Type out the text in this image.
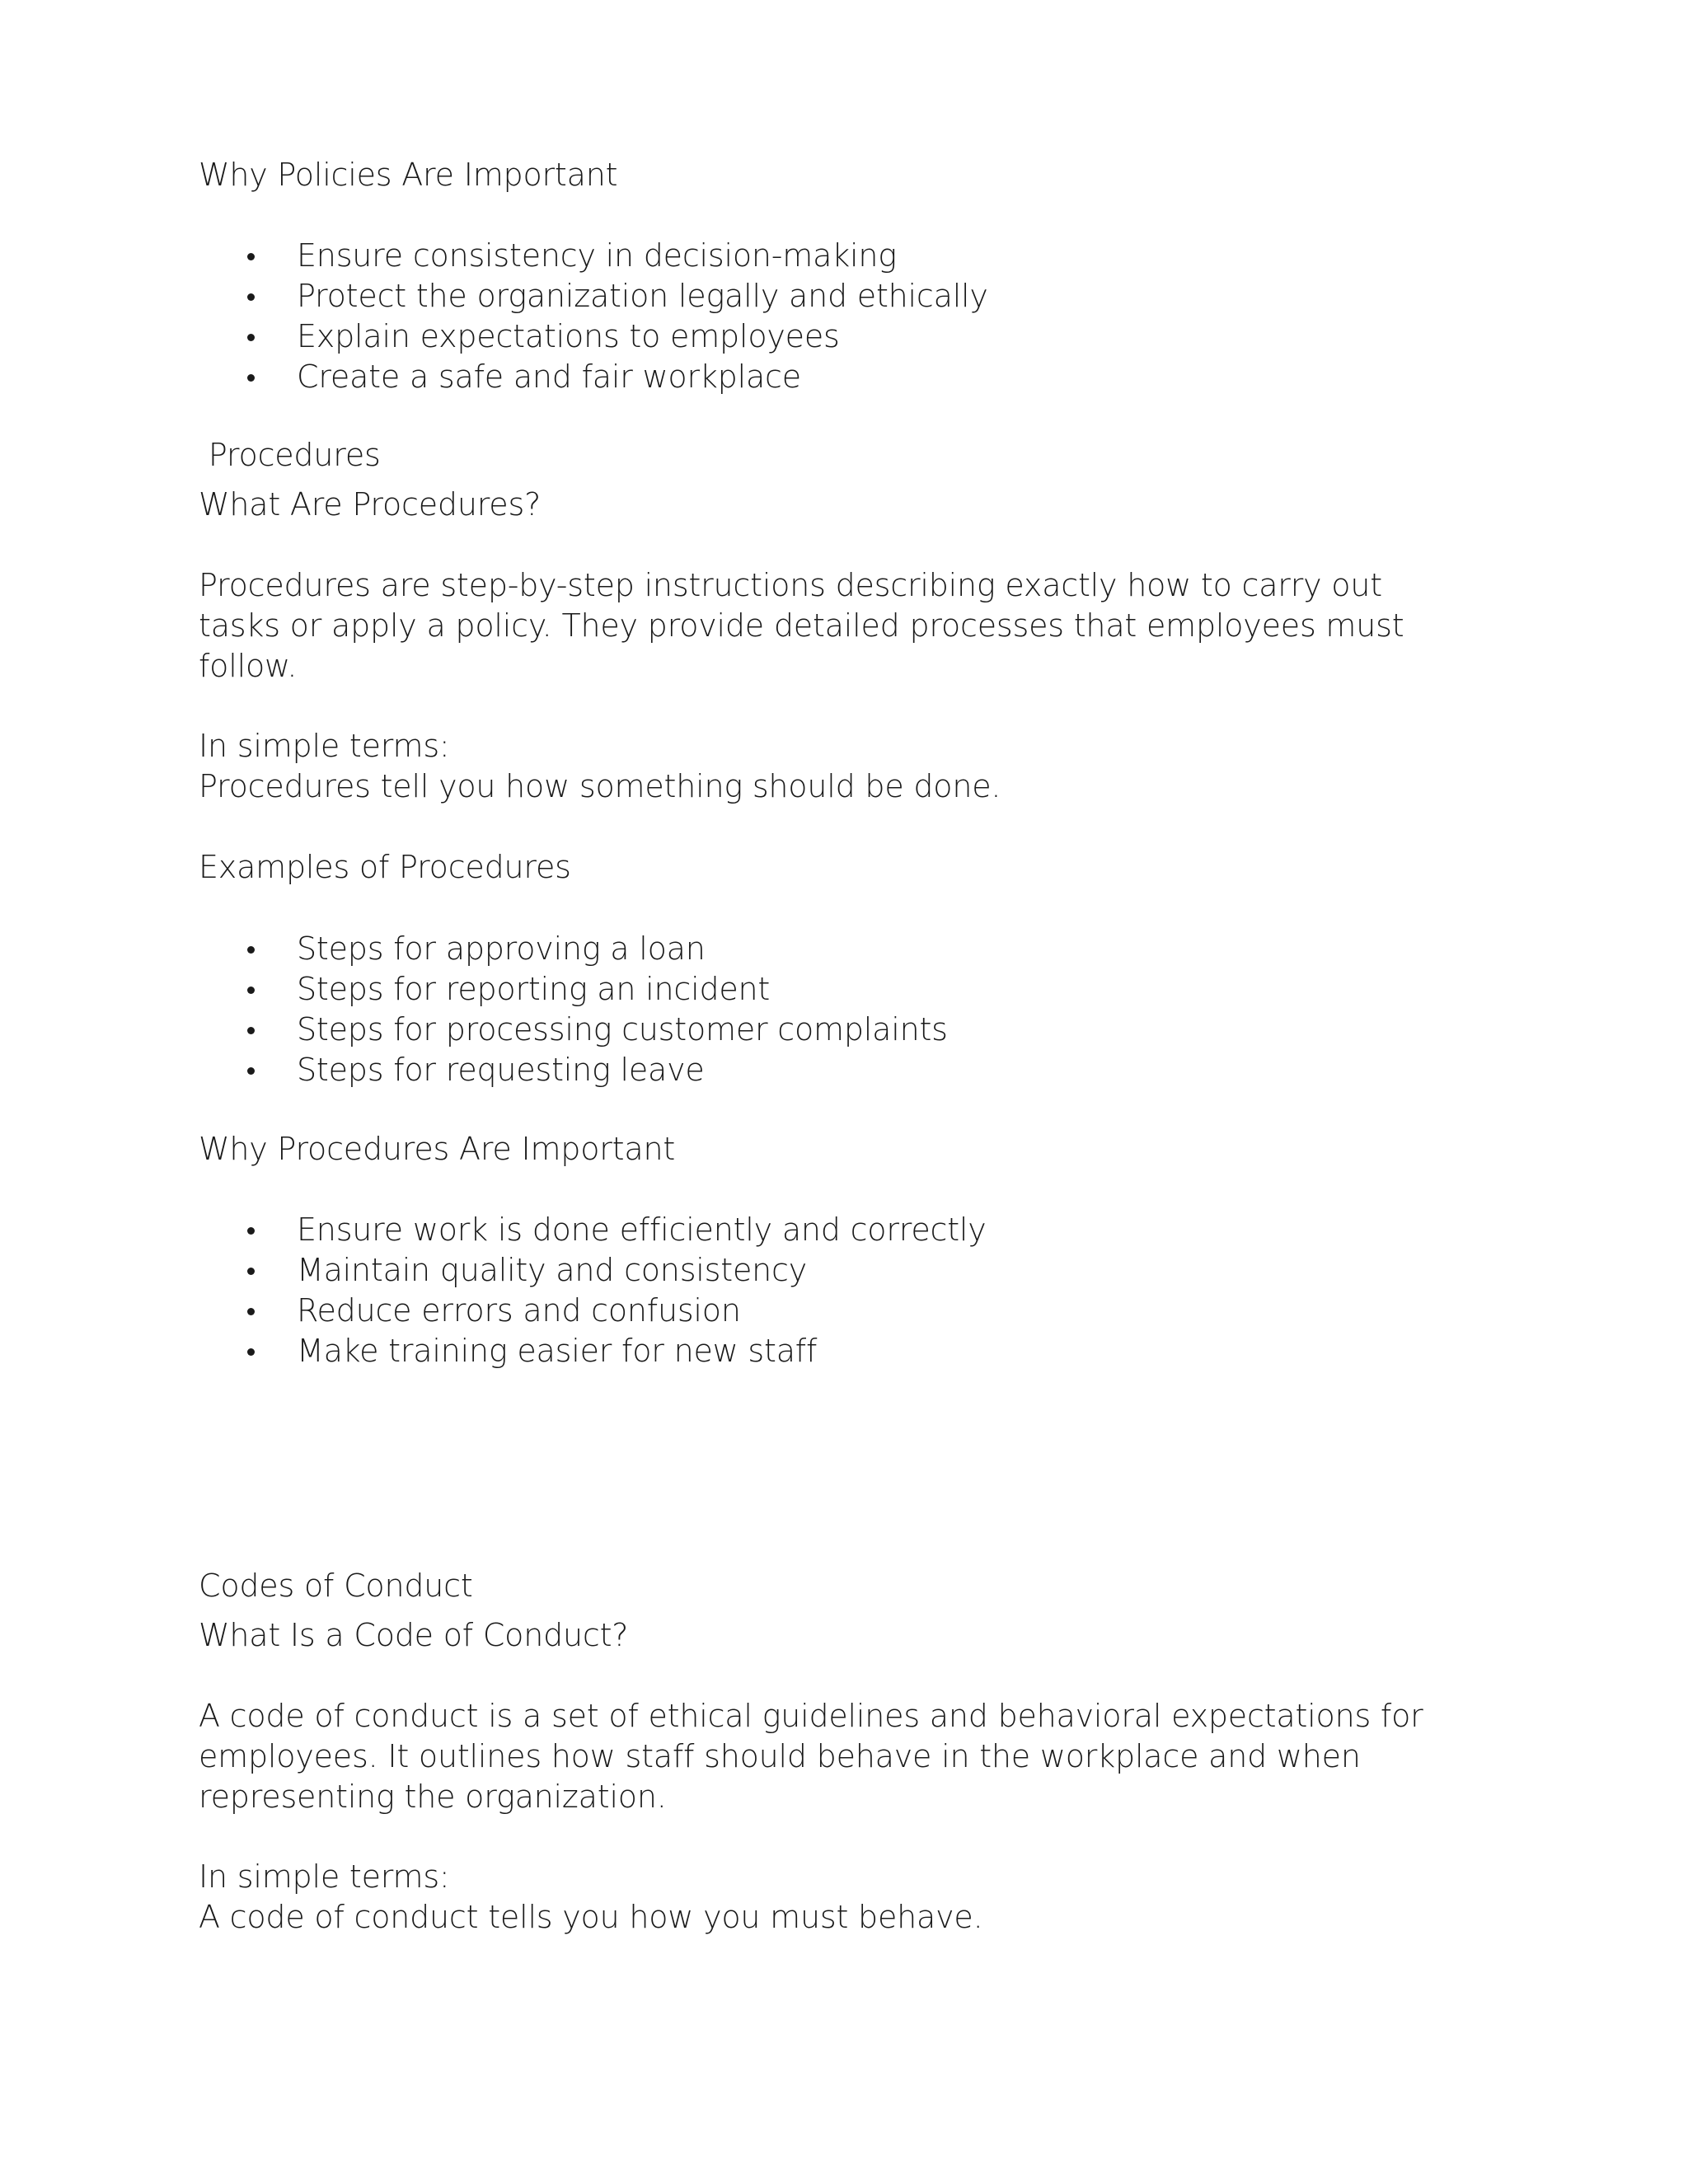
Why Policies Are Important

Ensure consistency in decision-making
Protect the organization legally and ethically
Explain expectations to employees
Create a safe and fair workplace

Procedures

What Are Procedures?

Procedures are step-by-step instructions describing exactly how to carry out

tasks or apply a policy. They provide detailed processes that employees must

follow.

In simple terms:

Procedures tell you how something should be done.

Examples of Procedures

Steps for approving a loan
Steps for reporting an incident
Steps for processing customer complaints
Steps for requesting leave

Why Procedures Are Important

Ensure work is done efficiently and correctly
Maintain quality and consistency
Reduce errors and confusion
Make training easier for new staff

Codes of Conduct

What Is a Code of Conduct?

A code of conduct is a set of ethical guidelines and behavioral expectations for

employees. It outlines how staff should behave in the workplace and when

representing the organization.

In simple terms:

A code of conduct tells you how you must behave.
